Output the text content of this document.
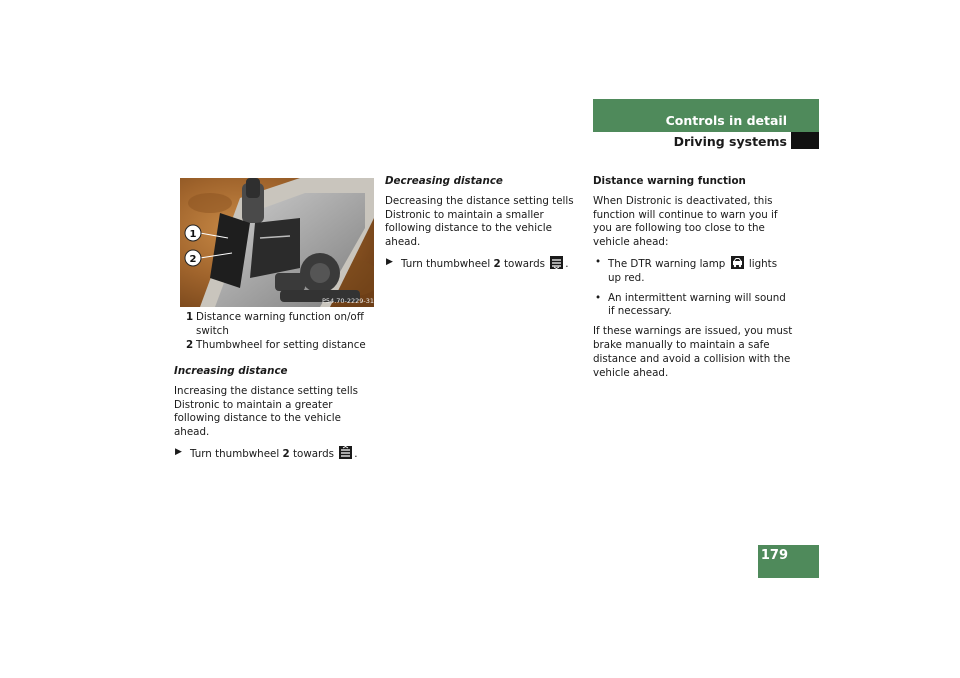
Controls in detail
Driving systems
P54.70-2229-31
1
2
1 Distance warning function on/off switch
2 Thumbwheel for setting distance

Increasing distance

Increasing the distance setting tells Distronic to maintain a greater following distance to the vehicle ahead.

▶ Turn thumbwheel 2 towards .

Decreasing distance

Decreasing the distance setting tells Distronic to maintain a smaller following distance to the vehicle ahead.

▶ Turn thumbwheel 2 towards .

Distance warning function

When Distronic is deactivated, this function will continue to warn you if you are following too close to the vehicle ahead:

• The DTR warning lamp lights up red.
• An intermittent warning will sound if necessary.

If these warnings are issued, you must brake manually to maintain a safe distance and avoid a collision with the vehicle ahead.

179
